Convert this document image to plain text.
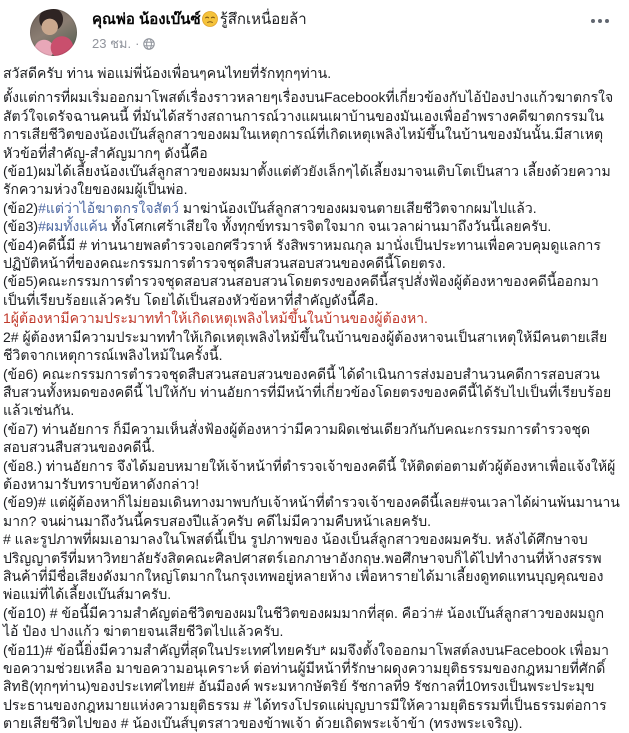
คุณพ่อ น้องเบ๊นซ์ รู้สึกเหนื่อยล้า
23 ชม. ·

สวัสดีครับ ท่าน พ่อแม่พี่น้องเพื่อนๆคนไทยที่รักทุกๆท่าน.

ตั้งแต่การที่ผมเริ่มออกมาโพสต์เรื่องราวหลายๆเรื่องบนFacebookที่เกี่ยวข้องกับไอ้ป๋องปางแก้วฆาตกรใจสัตว์ใจเดรัจฉานคนนี้ ที่มันได้สร้างสถานการณ์วางแผนเผาบ้านของมันเองเพื่ออำพรางคดีฆาตกรรมในการเสียชีวิตของน้องเบ๊นส์ลูกสาวของผมในเหตุการณ์ที่เกิดเหตุเพลิงไหม้ขึ้นในบ้านของมันนั้น.มีสาเหตุหัวข้อที่สำคัญ-สำคัญมากๆ ดังนี้คือ

(ข้อ1)ผมได้เลี้ยงน้องเบ๊นส์ลูกสาวของผมมาตั้งแต่ตัวยังเล็กๆได้เลี้ยงมาจนเติบโตเป็นสาว เลี้ยงด้วยความรักความห่วงใยของผมผู้เป็นพ่อ.

(ข้อ2)#แต่ว่าไอ้ฆาตกรใจสัตว์ มาฆ่าน้องเบ๊นส์ลูกสาวของผมจนตายเสียชีวิตจากผมไปแล้ว.

(ข้อ3)#ผมทั้งแค้น ทั้งโศกเศร้าเสียใจ ทั้งทุกข์ทรมารจิตใจมาก จนเวลาผ่านมาถึงวันนี้เลยครับ.

(ข้อ4)คดีนี้มี # ท่านนายพลตำรวจเอกศรีวราห์ รังสิพราหมณกุล มานั่งเป็นประทานเพื่อควบคุมดูแลการปฏิบัติหน้าที่ของคณะกรรมการตำรวจชุดสืบสวนสอบสวนของคดีนี้โดยตรง.

(ข้อ5)คณะกรรมการตำรวจชุดสอบสวนสอบสวนโดยตรงของคดีนี้สรุปสั่งฟ้องผู้ต้องหาของคดีนี้ออกมาเป็นที่เรียบร้อยแล้วครับ โดยได้เป็นสองหัวข้อหาที่สำคัญดังนี้คือ.

1ผู้ต้องหามีความประมาททำให้เกิดเหตุเพลิงไหม้ขึ้นในบ้านของผู้ต้องหา.

2# ผู้ต้องหามีความประมาททำให้เกิดเหตุเพลิงไหม้ขึ้นในบ้านของผู้ต้องหาจนเป็นสาเหตุให้มีคนตายเสียชีวิตจากเหตุการณ์เพลิงไหม้ในครั้งนี้.

(ข้อ6) คณะกรรมการตำรวจชุดสืบสวนสอบสวนของคดีนี้ ได้ดำเนินการส่งมอบสำนวนคดีการสอบสวนสืบสวนทั้งหมดของคดีนี้ ไปให้กับ ท่านอัยการที่มีหน้าที่เกี่ยวข้องโดยตรงของคดีนี้ได้รับไปเป็นที่เรียบร้อยแล้วเช่นกัน.

(ข้อ7) ท่านอัยการ ก็มีความเห็นสั่งฟ้องผู้ต้องหาว่ามีความผิดเช่นเดียวกันกับคณะกรรมการตำรวจชุดสอบสวนสืบสวนของคดีนี้.

(ข้อ8.) ท่านอัยการ จึงได้มอบหมายให้เจ้าหน้าที่ตำรวจเจ้าของคดีนี้ ให้ติดต่อตามตัวผู้ต้องหาเพื่อแจ้งให้ผู้ต้องหามารับทราบข้อหาดังกล่าว!

(ข้อ9)# แต่ผู้ต้องหาก็ไม่ยอมเดินทางมาพบกับเจ้าหน้าที่ตำรวจเจ้าของคดีนี้เลย#จนเวลาได้ผ่านพ้นมานานมาก? จนผ่านมาถึงวันนี้ครบสองปีแล้วครับ คดีไม่มีความคืบหน้าเลยครับ.

# และรูปภาพที่ผมเอามาลงในโพสต์นี้เป็น รูปภาพของ น้องเบ็นส์ลูกสาวของผมครับ. หลังได้ศึกษาจบปริญญาตรีที่มหาวิทยาลัยรังสิตคณะศิลปศาสตร์เอกภาษาอังกฤษ.พอศึกษาจบก็ได้ไปทำงานที่ห้างสรรพสินค้าที่มีชื่อเสียงดังมากใหญ่โตมากในกรุงเทพอยู่หลายห้าง เพื่อหารายได้มาเลี้ยงดูทดแทนบุญคุณของพ่อแม่ที่ได้เลี้ยงเบ๊นส์มาครับ.

(ข้อ10) # ข้อนี้มีความสำคัญต่อชีวิตของผมในชีวิตของผมมากที่สุด. คือว่า# น้องเบ๊นส์ลูกสาวของผมถูก ไอ้ ป๋อง ปางแก้ว ฆ่าตายจนเสียชีวิตไปแล้วครับ.

(ข้อ11)# ข้อนี้ยิ่งมีความสำคัญที่สุดในประเทศไทยครับ* ผมจึงตั้งใจออกมาโพสต์ลงบนFacebook เพื่อมาขอความช่วยเหลือ มาขอความอนุเคราะห์ ต่อท่านผู้มีหน้าที่รักษาผดุงความยุติธรรมของกฎหมายที่ศักดิ์สิทธิ(ทุกๆท่าน)ของประเทศไทย# อันมีองค์ พระมหากษัตริย์ รัชกาลที่9 รัชกาลที่10ทรงเป็นพระประมุขประธานของกฎหมายแห่งความยุติธรรม # ได้ทรงโปรดแผ่บุญบารมีให้ความยุติธรรมที่เป็นธรรมต่อการตายเสียชีวิตไปของ # น้องเบ๊นส์บุตรสาวของข้าพเจ้า ด้วยเถิดพระเจ้าข้า (ทรงพระเจริญ).
